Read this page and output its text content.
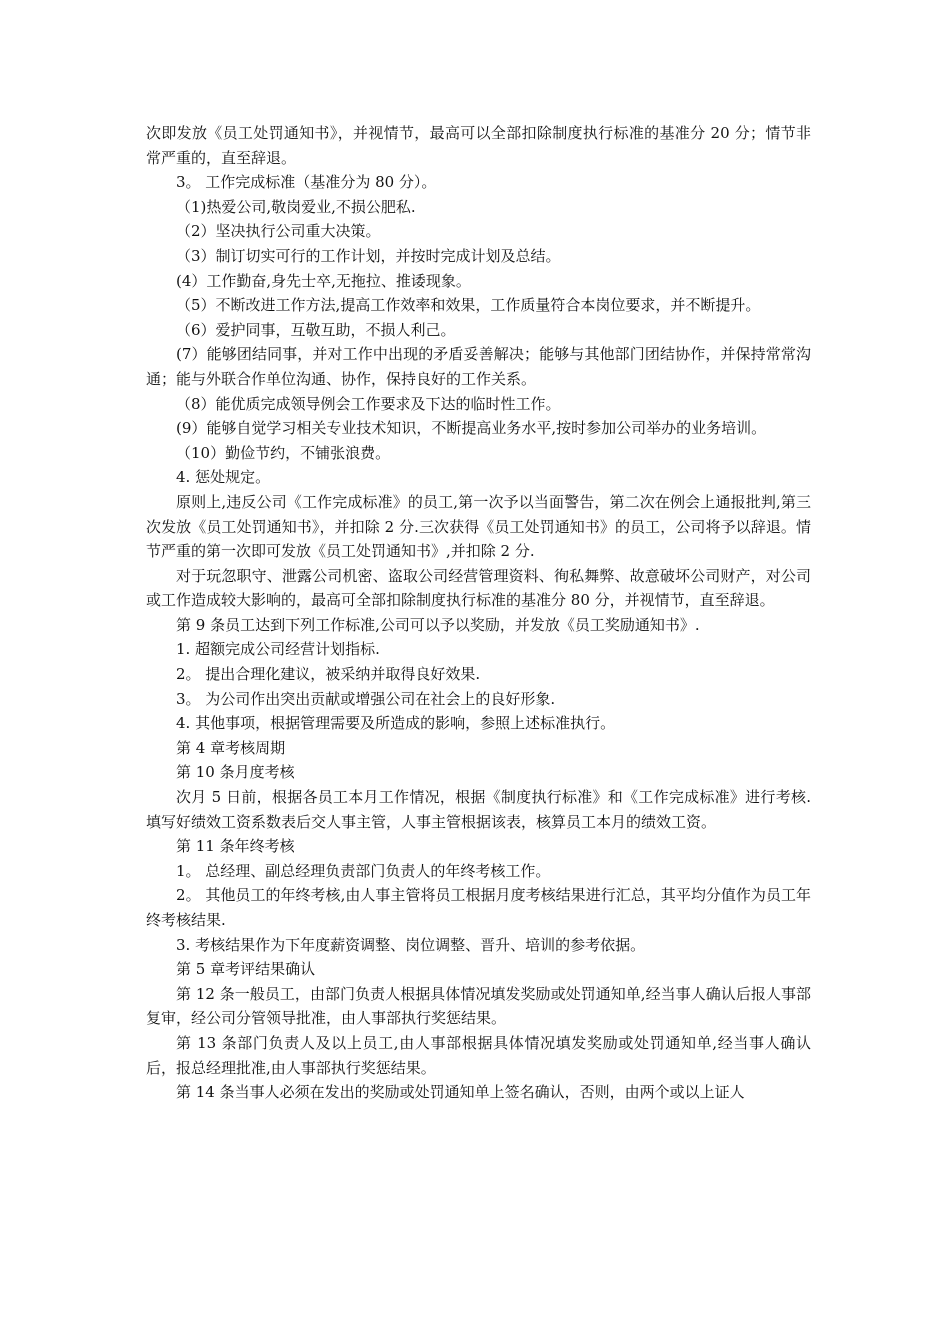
次即发放《员工处罚通知书》，并视情节，最高可以全部扣除制度执行标准的基准分 20 分；情节非常严重的，直至辞退。

3。 工作完成标准（基准分为 80 分）。

（1)热爱公司,敬岗爱业,不损公肥私.

（2）坚决执行公司重大决策。

（3）制订切实可行的工作计划，并按时完成计划及总结。

(4）工作勤奋,身先士卒,无拖拉、推诿现象。

（5）不断改进工作方法,提高工作效率和效果，工作质量符合本岗位要求，并不断提升。

（6）爱护同事，互敬互助，不损人利己。

(7）能够团结同事，并对工作中出现的矛盾妥善解决；能够与其他部门团结协作，并保持常常沟通；能与外联合作单位沟通、协作，保持良好的工作关系。

（8）能优质完成领导例会工作要求及下达的临时性工作。

(9）能够自觉学习相关专业技术知识，不断提高业务水平,按时参加公司举办的业务培训。

（10）勤俭节约，不铺张浪费。

4. 惩处规定。

原则上,违反公司《工作完成标准》的员工,第一次予以当面警告，第二次在例会上通报批判,第三次发放《员工处罚通知书》，并扣除 2 分.三次获得《员工处罚通知书》的员工，公司将予以辞退。情节严重的第一次即可发放《员工处罚通知书》,并扣除 2 分.

对于玩忽职守、泄露公司机密、盗取公司经营管理资料、徇私舞弊、故意破坏公司财产，对公司或工作造成较大影响的，最高可全部扣除制度执行标准的基准分 80 分，并视情节，直至辞退。

第 9 条员工达到下列工作标准,公司可以予以奖励，并发放《员工奖励通知书》.

1. 超额完成公司经营计划指标.

2。 提出合理化建议，被采纳并取得良好效果.

3。 为公司作出突出贡献或增强公司在社会上的良好形象.

4. 其他事项，根据管理需要及所造成的影响，参照上述标准执行。

第 4 章考核周期

第 10 条月度考核

次月 5 日前，根据各员工本月工作情况，根据《制度执行标准》和《工作完成标准》进行考核.填写好绩效工资系数表后交人事主管，人事主管根据该表，核算员工本月的绩效工资。

第 11 条年终考核

1。 总经理、副总经理负责部门负责人的年终考核工作。

2。 其他员工的年终考核,由人事主管将员工根据月度考核结果进行汇总，其平均分值作为员工年终考核结果.

3. 考核结果作为下年度薪资调整、岗位调整、晋升、培训的参考依据。

第 5 章考评结果确认

第 12 条一般员工，由部门负责人根据具体情况填发奖励或处罚通知单,经当事人确认后报人事部复审，经公司分管领导批准，由人事部执行奖惩结果。

第 13 条部门负责人及以上员工,由人事部根据具体情况填发奖励或处罚通知单,经当事人确认后，报总经理批准,由人事部执行奖惩结果。

第 14 条当事人必须在发出的奖励或处罚通知单上签名确认，否则，由两个或以上证人
